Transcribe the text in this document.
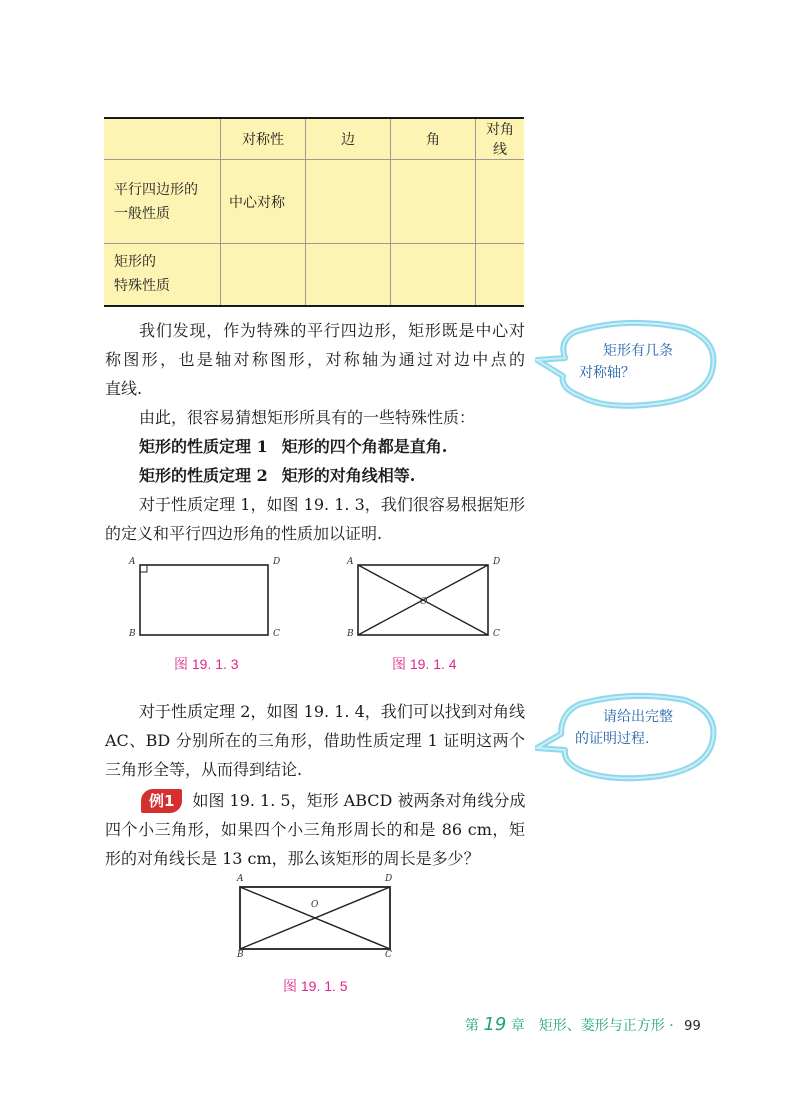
	对称性	边	角	对角线
平行四边形的
一般性质	中心对称			
矩形的
特殊性质				
我们发现，作为特殊的平行四边形，矩形既是中心对
称图形，也是轴对称图形，对称轴为通过对边中点的
直线.
由此，很容易猜想矩形所具有的一些特殊性质：
矩形的性质定理 1 矩形的四个角都是直角.
矩形的性质定理 2 矩形的对角线相等.
对于性质定理 1，如图 19. 1. 3，我们很容易根据矩形
的定义和平行四边形角的性质加以证明.
矩形有几条
对称轴？
A	D
B	C
图 19. 1. 3
A	D
B	C
O
图 19. 1. 4
对于性质定理 2，如图 19. 1. 4，我们可以找到对角线
AC、BD 分别所在的三角形，借助性质定理 1 证明这两个
三角形全等，从而得到结论.
请给出完整
的证明过程.
例1 如图 19. 1. 5，矩形 ABCD 被两条对角线分成
四个小三角形，如果四个小三角形周长的和是 86 cm，矩
形的对角线长是 13 cm，那么该矩形的周长是多少？
A	D
B	C
O
图 19. 1. 5
第 19 章　矩形、菱形与正方形 · 99
